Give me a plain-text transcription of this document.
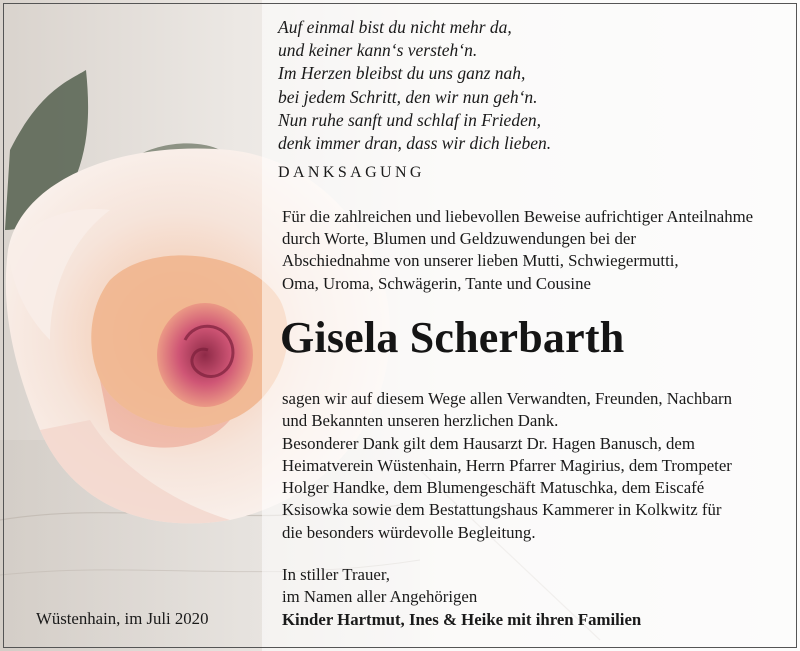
Auf einmal bist du nicht mehr da,
und keiner kann‘s versteh‘n.
Im Herzen bleibst du uns ganz nah,
bei jedem Schritt, den wir nun geh‘n.
Nun ruhe sanft und schlaf in Frieden,
denk immer dran, dass wir dich lieben.
DANKSAGUNG
Für die zahlreichen und liebevollen Beweise aufrichtiger Anteilnahme
durch Worte, Blumen und Geldzuwendungen bei der
Abschiednahme von unserer lieben Mutti, Schwiegermutti,
Oma, Uroma, Schwägerin, Tante und Cousine
Gisela Scherbarth
sagen wir auf diesem Wege allen Verwandten, Freunden, Nachbarn
und Bekannten unseren herzlichen Dank.
Besonderer Dank gilt dem Hausarzt Dr. Hagen Banusch, dem
Heimatverein Wüstenhain, Herrn Pfarrer Magirius, dem Trompeter
Holger Handke, dem Blumengeschäft Matuschka, dem Eiscafé
Ksisowka sowie dem Bestattungshaus Kammerer in Kolkwitz für
die besonders würdevolle Begleitung.
In stiller Trauer,
im Namen aller Angehörigen
Kinder Hartmut, Ines & Heike mit ihren Familien
Wüstenhain, im Juli 2020
